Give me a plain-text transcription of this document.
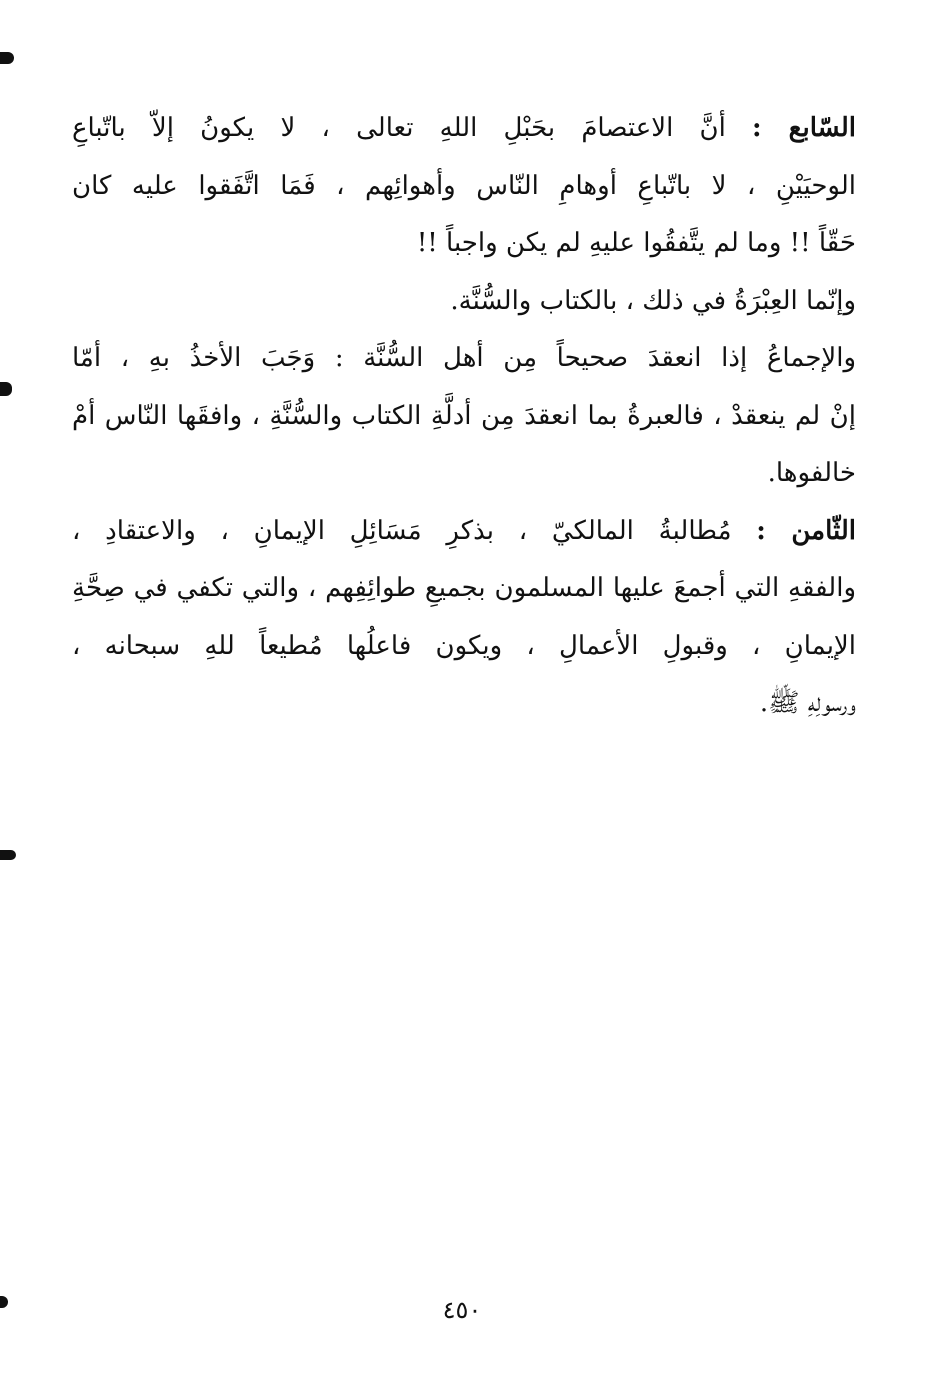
السّابع : أنَّ الاعتصامَ بحَبْلِ اللهِ تعالى ، لا يكونُ إلاّ باتّباعِ
الوحيَيْنِ ، لا باتّباعِ أوهامِ النّاس وأهوائِهم ، فَمَا اتَّفَقوا عليه كان
حَقّاً !! وما لم يتَّفقُوا عليهِ لم يكن واجباً !!
وإنّما العِبْرَةُ في ذلك ، بالكتاب والسُّنَّة.
والإجماعُ إذا انعقدَ صحيحاً مِن أهل السُّنَّة : وَجَبَ الأخذُ بهِ ، أمّا
إنْ لم ينعقدْ ، فالعبرةُ بما انعقدَ مِن أدلَّةِ الكتاب والسُّنَّةِ ، وافقَها النّاس أمْ
خالفوها.
الثّامن : مُطالبةُ المالكيّ ، بذكرِ مَسَائِلِ الإيمانِ ، والاعتقادِ ،
والفقهِ التي أجمعَ عليها المسلمون بجميعِ طوائِفِهم ، والتي تكفي في صِحَّةِ
الإيمانِ ، وقبولِ الأعمالِ ، ويكون فاعلُها مُطيعاً للهِ سبحانه ،
ورسولِهِ ﷺ.
٤٥٠
